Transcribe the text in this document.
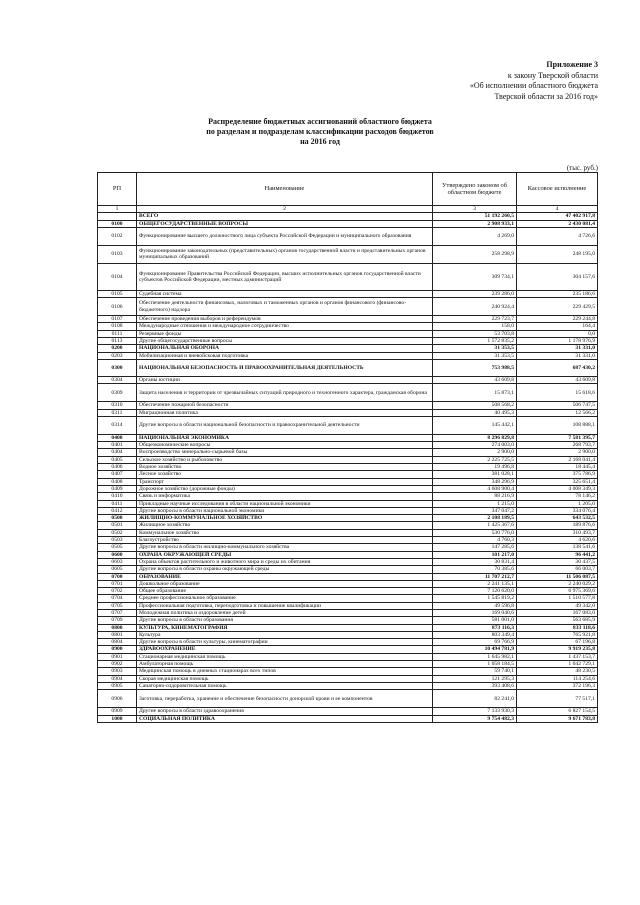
Приложение 3
к закону Тверской области
«Об исполнении областного бюджета
Тверской области за 2016 год»
Распределение бюджетных ассигнований областного бюджета
по разделам и подразделам классификации расходов бюджетов
на 2016 год
(тыс. руб.)
РП	Наименование	Утверждено законом об областном бюджете	Кассовое исполнение
1	2	3	4
	ВСЕГО	51 192 260,5	47 402 917,8
0100	ОБЩЕГОСУДАРСТВЕННЫЕ ВОПРОСЫ	2 908 933,1	2 430 081,4
0102	Функционирование высшего должностного лица субъекта Российской Федерации и муниципального образования	4 269,0	4 726,6
0103	Функционирование законодательных (представительных) органов государственной власти и представительных органов муниципальных образований	258 298,9	248 195,0
0104	Функционирование Правительства Российской Федерации, высших исполнительных органов государственной власти субъектов Российской Федерации, местных администраций	309 734,1	304 157,6
0105	Судебная система	239 286,0	235 186,6
0106	Обеспечение деятельности финансовых, налоговых и таможенных органов и органов финансового (финансово-бюджетного) надзора	240 924,4	229 429,5
0107	Обеспечение проведения выборов и референдумов	229 723,7	229 244,8
0108	Международные отношения и международное сотрудничество	158,0	164,4
0111	Резервные фонды	53 703,8	0,0
0113	Другие общегосударственные вопросы	1 572 835,2	1 178 976,9
0200	НАЦИОНАЛЬНАЯ ОБОРОНА	31 353,5	31 331,0
0203	Мобилизационная и вневойсковая подготовка	31 353,5	31 331,0
0300	НАЦИОНАЛЬНАЯ БЕЗОПАСНОСТЬ И ПРАВООХРАНИТЕЛЬНАЯ ДЕЯТЕЛЬНОСТЬ	753 988,5	687 430,2
0304	Органы юстиции	43 609,8	43 609,8
0309	Защита населения и территории от чрезвычайных ситуаций природного и техногенного характера, гражданская оборона	15 873,1	15 618,6
0310	Обеспечение пожарной безопасности	508 568,2	506 747,5
0311	Миграционная политика	40 495,3	12 566,2
0314	Другие вопросы в области национальной безопасности и правоохранительной деятельности	145 442,1	108 888,1
0400	НАЦИОНАЛЬНАЯ ЭКОНОМИКА	8 296 829,8	7 581 395,7
0401	Общеэкономические вопросы	274 003,0	268 793,7
0404	Воспроизводство минерально-сырьевой базы	2 900,0	2 900,0
0405	Сельское хозяйство и рыболовство	2 225 725,5	2 168 041,4
0406	Водное хозяйство	19 496,8	18 445,4
0407	Лесное хозяйство	381 028,1	375 786,9
0408	Транспорт	348 296,9	325 651,4
0409	Дорожное хозяйство (дорожные фонды)	4 608 900,4	4 008 349,3
0410	Связь и информатика	88 216,9	78 146,2
0411	Прикладные научные исследования в области национальной экономики	1 215,0	1 205,0
0412	Другие вопросы в области национальной экономики	347 047,2	334 076,4
0500	ЖИЛИЩНО-КОММУНАЛЬНОЕ ХОЗЯЙСТВО	2 108 189,5	643 532,5
0501	Жилищное хозяйство	1 425 367,6	189 876,6
0502	Коммунальное хозяйство	530 776,0	310 493,7
0503	Благоустройство	4 760,3	4 620,6
0505	Другие вопросы в области жилищно-коммунального хозяйства	147 285,6	138 541,6
0600	ОХРАНА ОКРУЖАЮЩЕЙ СРЕДЫ	101 217,0	96 441,2
0603	Охрана объектов растительного и животного мира и среды их обитания	30 831,4	30 437,5
0605	Другие вопросы в области охраны окружающей среды	70 385,6	66 003,7
0700	ОБРАЗОВАНИЕ	11 707 212,7	11 506 087,5
0701	Дошкольное образование	2 241 135,1	2 240 029,2
0702	Общее образование	7 120 620,0	6 975 369,6
0704	Среднее профессиональное образование	1 545 819,2	1 510 577,8
0705	Профессиональная подготовка, переподготовка и повышение квалификации	49 596,8	49 342,0
0707	Молодежная политика и оздоровление детей	169 040,6	167 083,0
0709	Другие вопросы в области образования	581 001,0	563 685,9
0800	КУЛЬТУРА, КИНЕМАТОГРАФИЯ	873 116,3	833 118,6
0801	Культура	803 349,4	765 921,8
0804	Другие вопросы в области культуры, кинематографии	69 766,9	67 196,8
0900	ЗДРАВООХРАНЕНИЕ	10 494 781,9	9 919 235,8
0901	Стационарная медицинская помощь	1 645 982,1	1 437 153,7
0902	Амбулаторная помощь	1 058 184,5	1 042 729,1
0903	Медицинская помощь в дневных стационарах всех типов	59 740,1	48 230,5
0904	Скорая медицинская помощь	121 295,3	114 254,6
0905	Санаторно-оздоровительная помощь	393 408,6	372 196,3
0906	Заготовка, переработка, хранение и обеспечение безопасности донорской крови и ее компонентов	82 241,0	77 517,1
0909	Другие вопросы в области здравоохранения	7 133 930,3	6 827 154,5
1000	СОЦИАЛЬНАЯ ПОЛИТИКА	9 754 482,3	9 671 783,8
